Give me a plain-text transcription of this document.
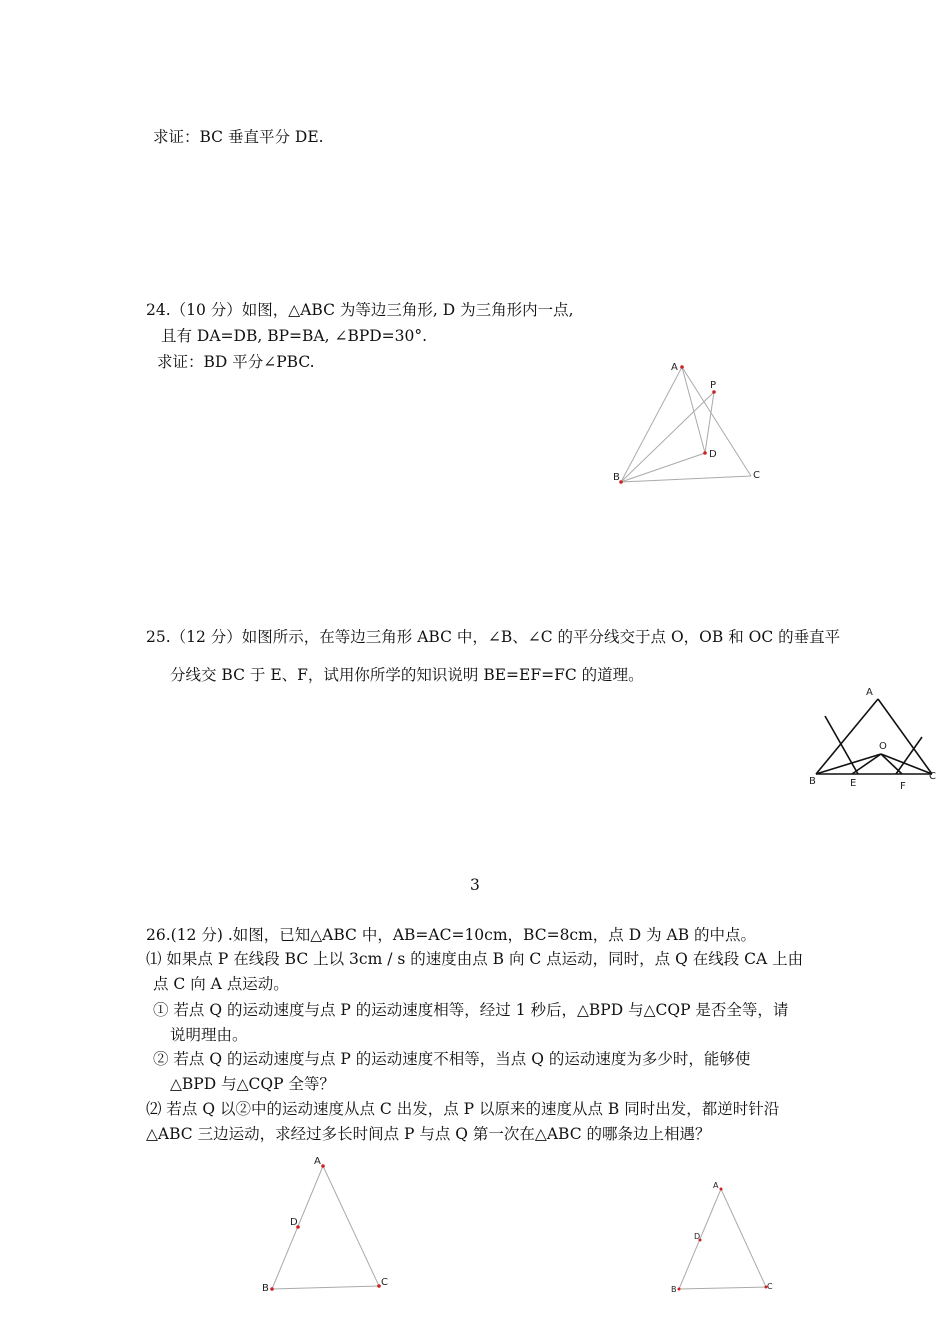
求证：BC 垂直平分 DE.
24.（10 分）如图，△ABC 为等边三角形, D 为三角形内一点,
且有 DA=DB, BP=BA, ∠BPD=30°.
求证：BD 平分∠PBC.	A
P
D
B	C
25.（12 分）如图所示，在等边三角形 ABC 中，∠B、∠C 的平分线交于点 O，OB 和 OC 的垂直平
分线交 BC 于 E、F，试用你所学的知识说明 BE=EF=FC 的道理。
A
O
B	E	F
C
3
26.(12 分) .如图，已知△ABC 中，AB=AC=10cm，BC=8cm，点 D 为 AB 的中点。
⑴ 如果点 P 在线段 BC 上以 3cm / s 的速度由点 B 向 C 点运动，同时，点 Q 在线段 CA 上由
点 C 向 A 点运动。
① 若点 Q 的运动速度与点 P 的运动速度相等，经过 1 秒后，△BPD 与△CQP 是否全等，请
说明理由。
② 若点 Q 的运动速度与点 P 的运动速度不相等，当点 Q 的运动速度为多少时，能够使
△BPD 与△CQP 全等？
⑵ 若点 Q 以②中的运动速度从点 C 出发，点 P 以原来的速度从点 B 同时出发，都逆时针沿
△ABC 三边运动，求经过多长时间点 P 与点 Q 第一次在△ABC 的哪条边上相遇？
A
D
B
C
A
D
B	C
